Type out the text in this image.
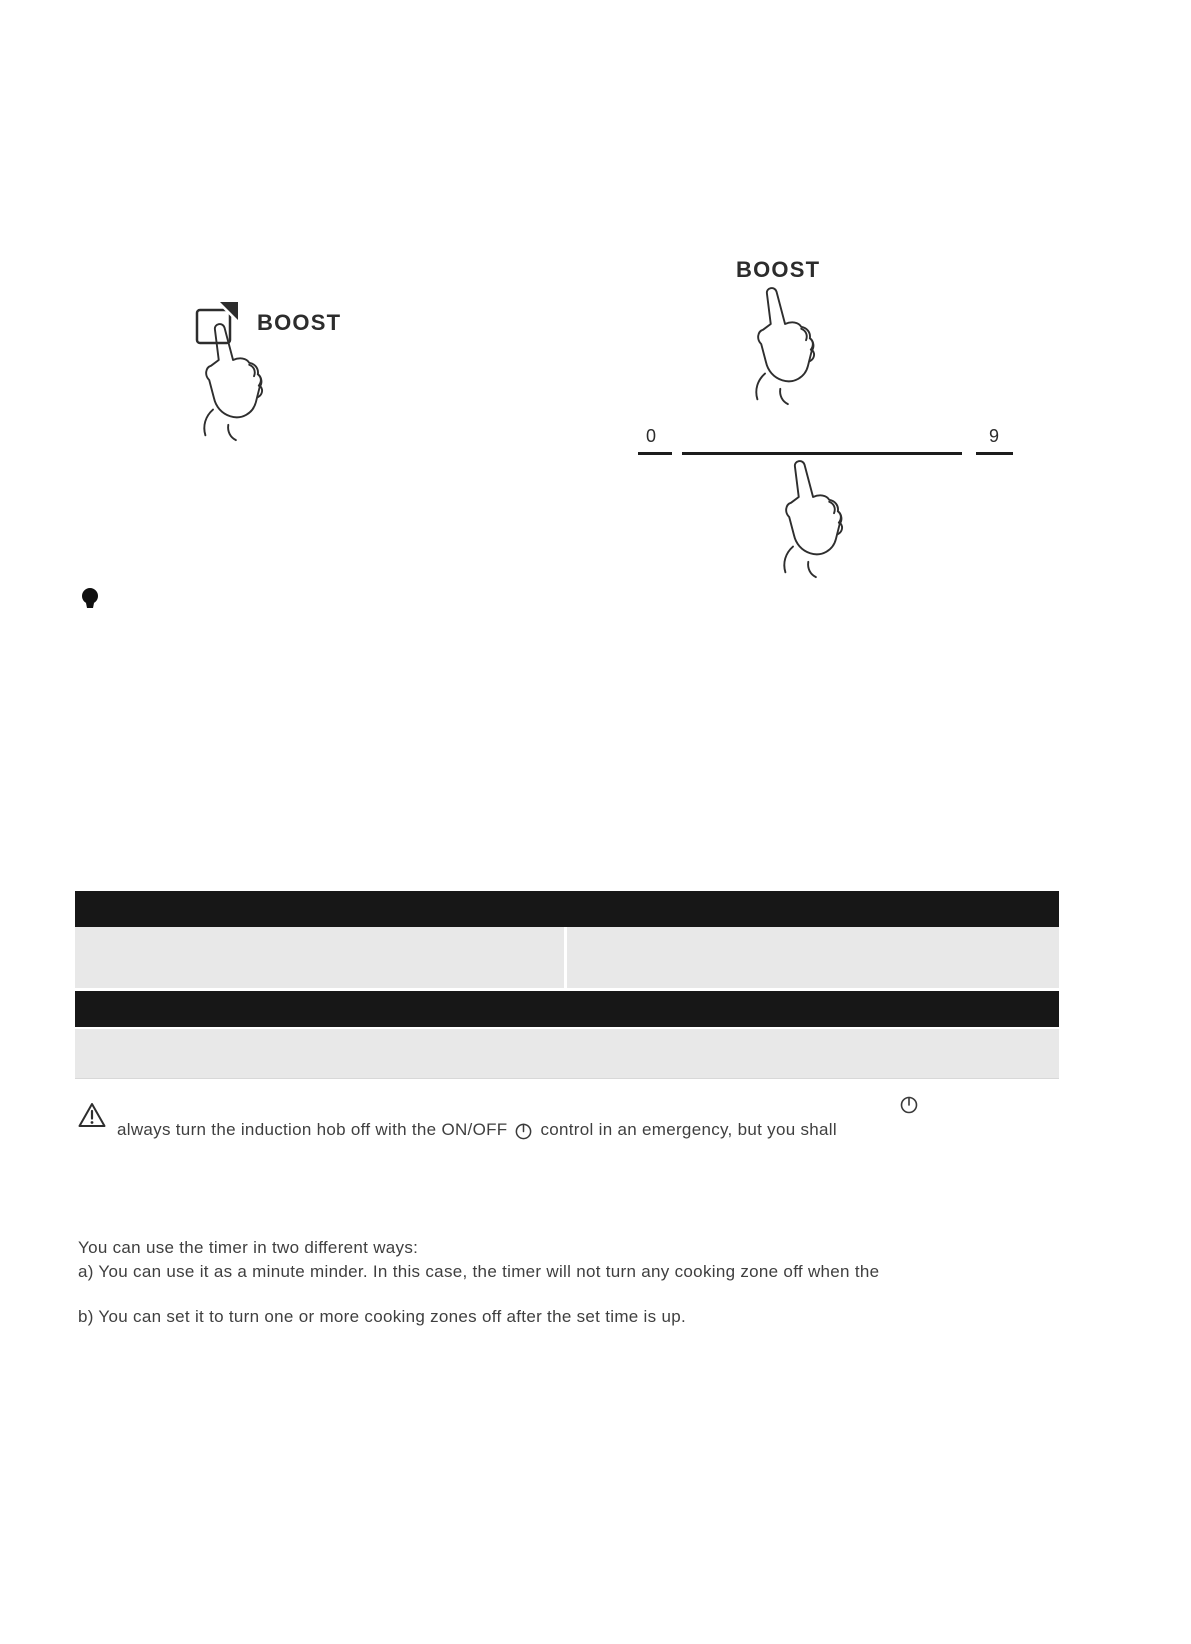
BOOST
BOOST
0	9
always turn the induction hob off with the ON/OFF control in an emergency, but you shall
You can use the timer in two different ways:
a) You can use it as a minute minder. In this case, the timer will not turn any cooking zone off when the
b) You can set it to turn one or more cooking zones off after the set time is up.
